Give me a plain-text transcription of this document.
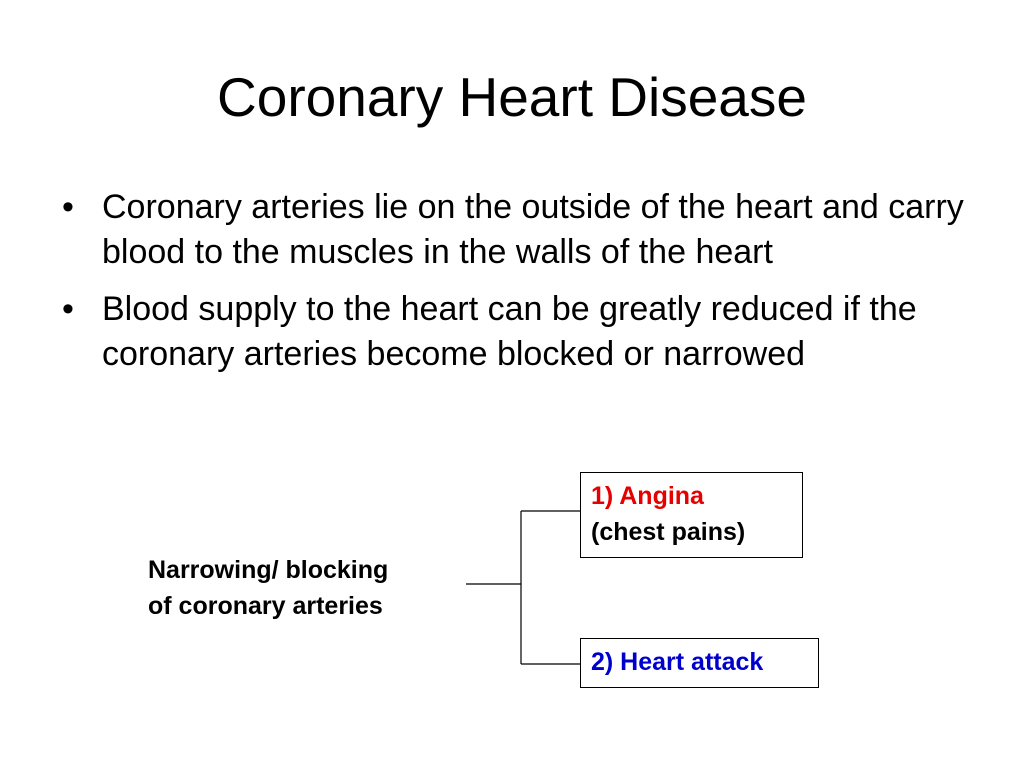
Coronary Heart Disease
• Coronary arteries lie on the outside of the heart and carry blood to the muscles in the walls of the heart
• Blood supply to the heart can be greatly reduced if the coronary arteries become blocked or narrowed
Narrowing/ blocking
of coronary arteries
1) Angina
(chest pains)
2) Heart attack
